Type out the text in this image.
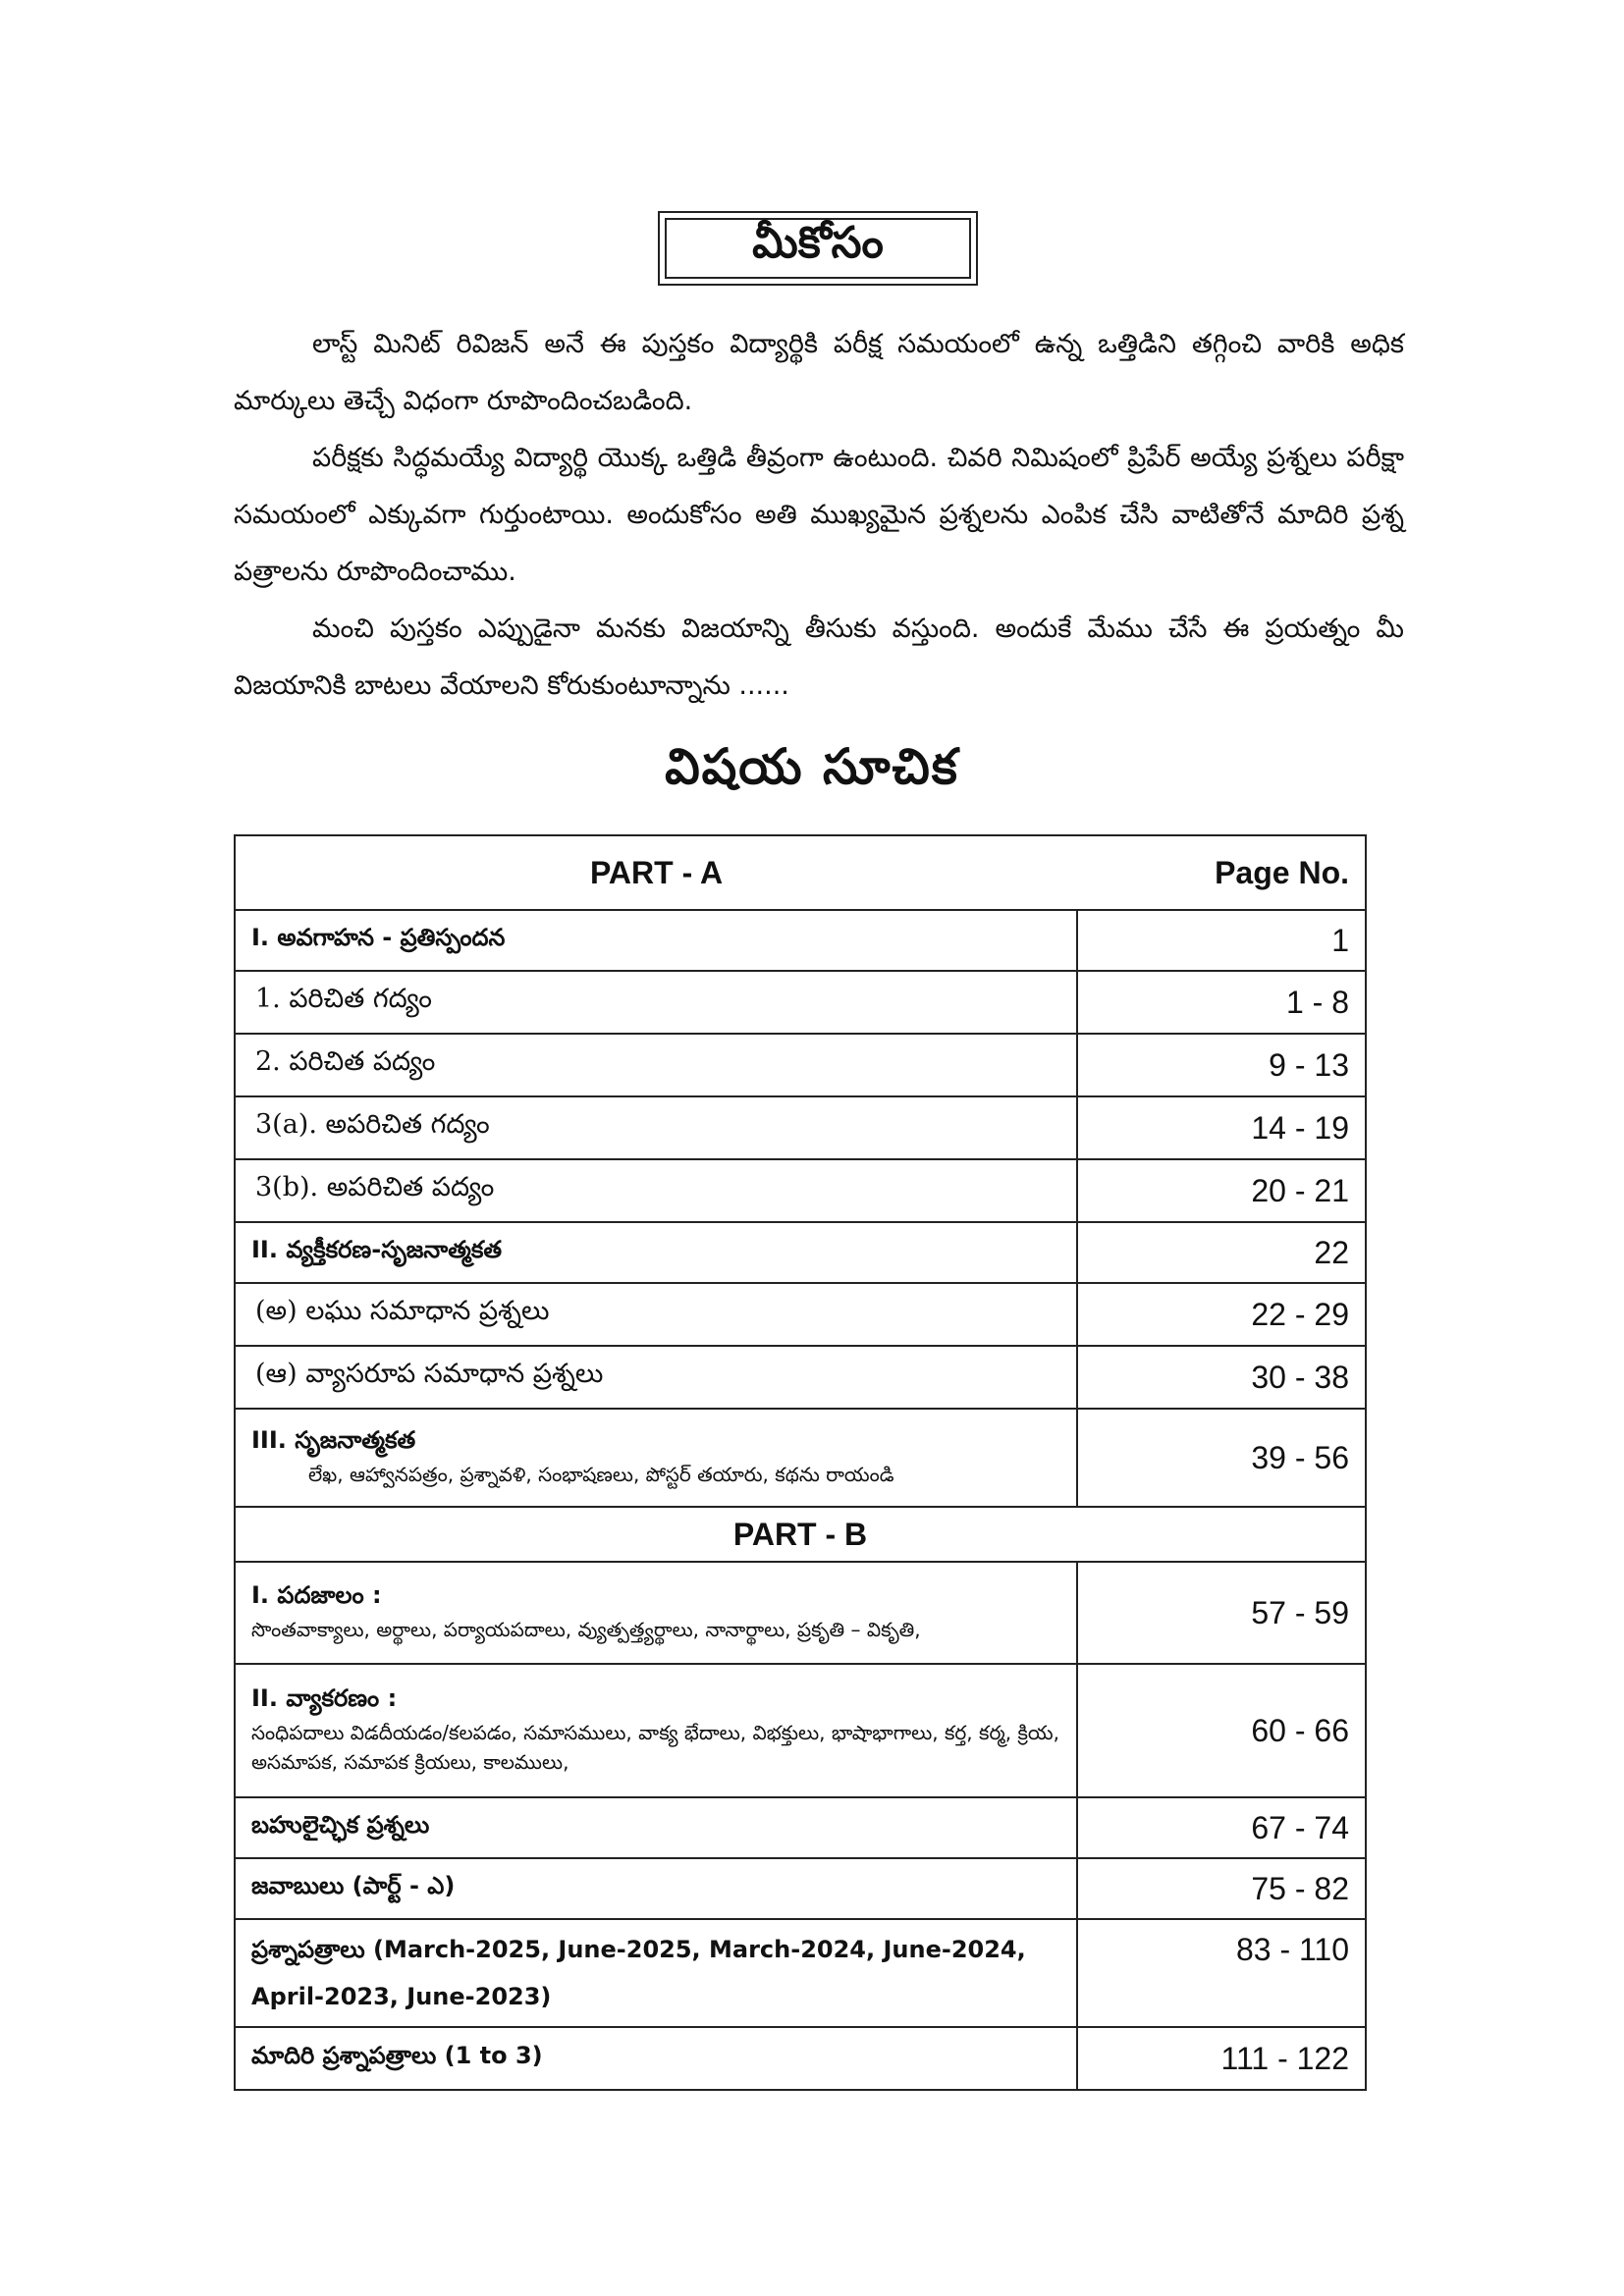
మీకోసం

లాస్ట్ మినిట్ రివిజన్ అనే ఈ పుస్తకం విద్యార్థికి పరీక్ష సమయంలో ఉన్న ఒత్తిడిని తగ్గించి వారికి అధిక మార్కులు తెచ్చే విధంగా రూపొందించబడింది.

పరీక్షకు సిద్ధమయ్యే విద్యార్థి యొక్క ఒత్తిడి తీవ్రంగా ఉంటుంది. చివరి నిమిషంలో ప్రిపేర్ అయ్యే ప్రశ్నలు పరీక్షా సమయంలో ఎక్కువగా గుర్తుంటాయి. అందుకోసం అతి ముఖ్యమైన ప్రశ్నలను ఎంపిక చేసి వాటితోనే మాదిరి ప్రశ్న పత్రాలను రూపొందించాము.

మంచి పుస్తకం ఎప్పుడైనా మనకు విజయాన్ని తీసుకు వస్తుంది. అందుకే మేము చేసే ఈ ప్రయత్నం మీ విజయానికి బాటలు వేయాలని కోరుకుంటూన్నాను ......

విషయ సూచిక
PART - A	Page No.
I. అవగాహన - ప్రతిస్పందన	1
1. పరిచిత గద్యం	1 - 8
2. పరిచిత పద్యం	9 - 13
3(a). అపరిచిత గద్యం	14 - 19
3(b). అపరిచిత పద్యం	20 - 21
II. వ్యక్తీకరణ-సృజనాత్మకత	22
(అ) లఘు సమాధాన ప్రశ్నలు	22 - 29
(ఆ) వ్యాసరూప సమాధాన ప్రశ్నలు	30 - 38
III. సృజనాత్మకత
లేఖ, ఆహ్వానపత్రం, ప్రశ్నావళి, సంభాషణలు, పోస్టర్ తయారు, కథను రాయండి	39 - 56
PART - B	
I. పదజాలం :
సొంతవాక్యాలు, అర్థాలు, పర్యాయపదాలు, వ్యుత్పత్త్యర్థాలు, నానార్థాలు, ప్రకృతి – వికృతి,	57 - 59
II. వ్యాకరణం :
సంధిపదాలు విడదీయడం/కలపడం, సమాసములు, వాక్య భేదాలు, విభక్తులు, భాషాభాగాలు, కర్త, కర్మ, క్రియ, అసమాపక, సమాపక క్రియలు, కాలములు,	60 - 66
బహులైచ్ఛిక ప్రశ్నలు	67 - 74
జవాబులు (పార్ట్ - ఎ)	75 - 82
ప్రశ్నాపత్రాలు (March-2025, June-2025, March-2024, June-2024, April-2023, June-2023)	83 - 110
మాదిరి ప్రశ్నాపత్రాలు (1 to 3)	111 - 122
